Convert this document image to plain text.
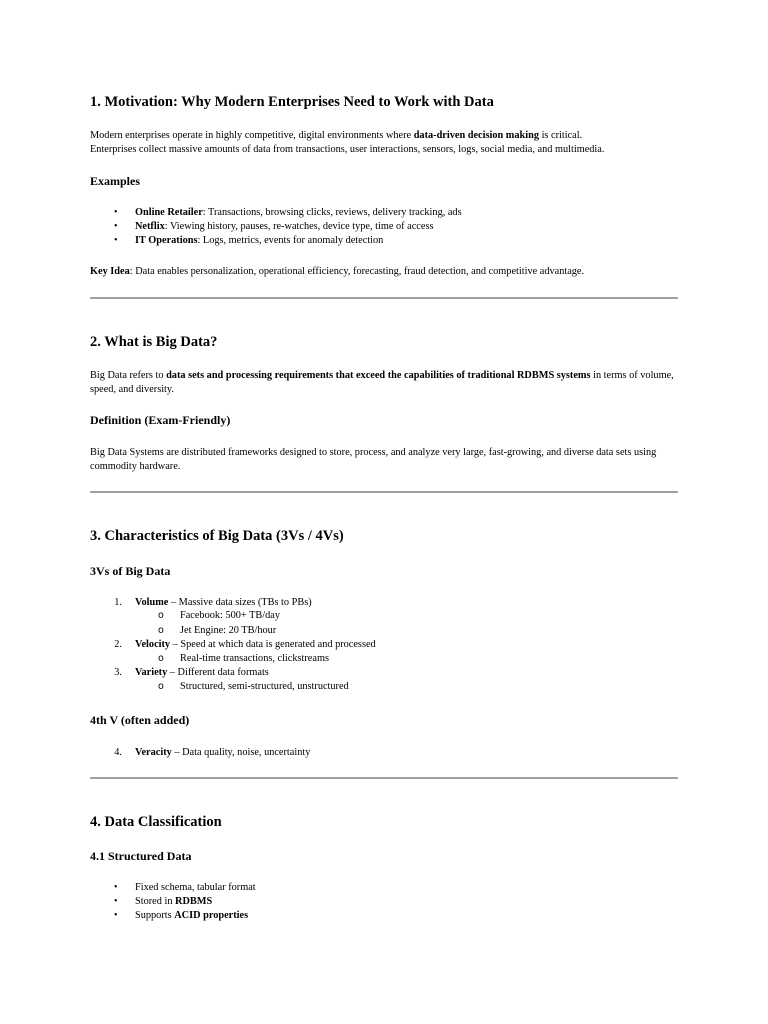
1. Motivation: Why Modern Enterprises Need to Work with Data

Modern enterprises operate in highly competitive, digital environments where data-driven decision making is critical.
Enterprises collect massive amounts of data from transactions, user interactions, sensors, logs, social media, and multimedia.

Examples
• Online Retailer: Transactions, browsing clicks, reviews, delivery tracking, ads
• Netflix: Viewing history, pauses, re-watches, device type, time of access
• IT Operations: Logs, metrics, events for anomaly detection

Key Idea: Data enables personalization, operational efficiency, forecasting, fraud detection, and competitive advantage.

2. What is Big Data?

Big Data refers to data sets and processing requirements that exceed the capabilities of traditional RDBMS systems in terms of volume, speed, and diversity.

Definition (Exam-Friendly)

Big Data Systems are distributed frameworks designed to store, process, and analyze very large, fast-growing, and diverse data sets using commodity hardware.

3. Characteristics of Big Data (3Vs / 4Vs)
3Vs of Big Data
1. Volume – Massive data sizes (TBs to PBs)
o Facebook: 500+ TB/day
o Jet Engine: 20 TB/hour
2. Velocity – Speed at which data is generated and processed
o Real-time transactions, clickstreams
3. Variety – Different data formats
o Structured, semi-structured, unstructured
4th V (often added)
4. Veracity – Data quality, noise, uncertainty
4. Data Classification
4.1 Structured Data
• Fixed schema, tabular format
• Stored in RDBMS
• Supports ACID properties
